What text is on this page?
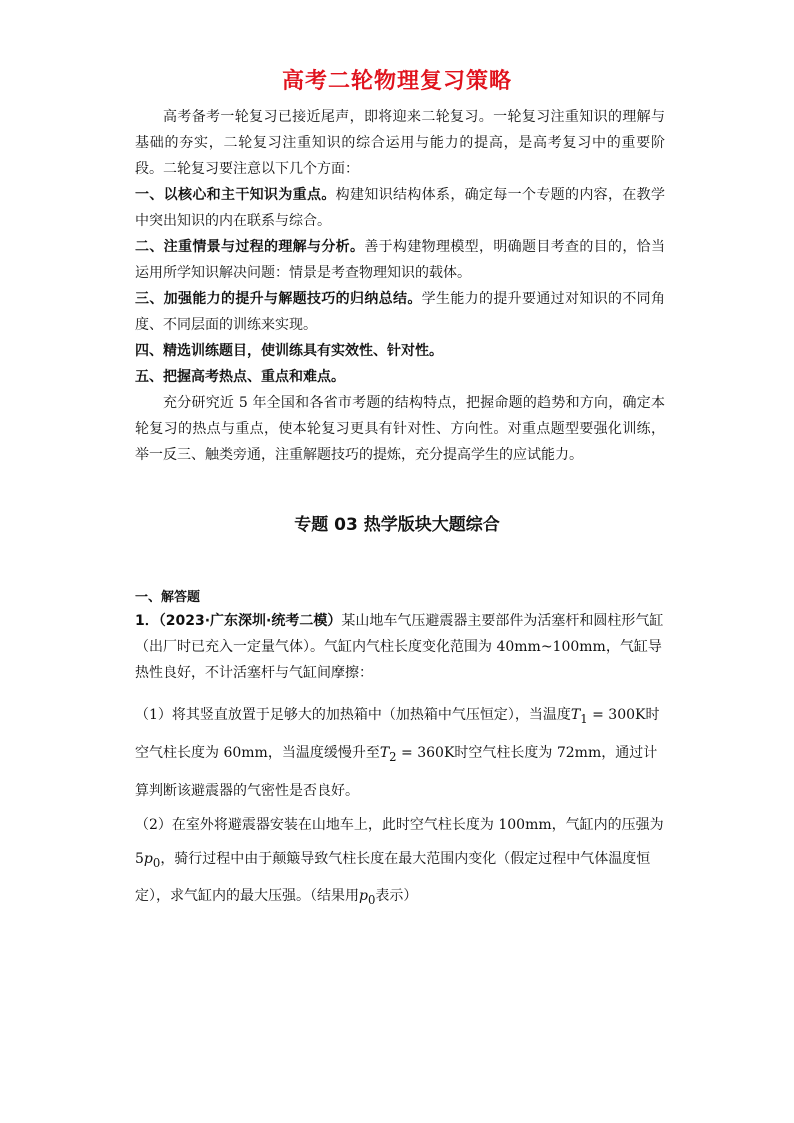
高考二轮物理复习策略

高考备考一轮复习已接近尾声，即将迎来二轮复习。一轮复习注重知识的理解与基础的夯实，二轮复习注重知识的综合运用与能力的提高，是高考复习中的重要阶段。二轮复习要注意以下几个方面：

一、以核心和主干知识为重点。构建知识结构体系，确定每一个专题的内容，在教学中突出知识的内在联系与综合。

二、注重情景与过程的理解与分析。善于构建物理模型，明确题目考查的目的，恰当运用所学知识解决问题：情景是考查物理知识的载体。

三、加强能力的提升与解题技巧的归纳总结。学生能力的提升要通过对知识的不同角度、不同层面的训练来实现。

四、精选训练题目，使训练具有实效性、针对性。

五、把握高考热点、重点和难点。

充分研究近 5 年全国和各省市考题的结构特点，把握命题的趋势和方向，确定本轮复习的热点与重点，使本轮复习更具有针对性、方向性。对重点题型要强化训练，举一反三、触类旁通，注重解题技巧的提炼，充分提高学生的应试能力。

专题 03 热学版块大题综合
一、解答题

1．（2023·广东深圳·统考二模）某山地车气压避震器主要部件为活塞杆和圆柱形气缸（出厂时已充入一定量气体）。气缸内气柱长度变化范围为 40mm~100mm，气缸导热性良好，不计活塞杆与气缸间摩擦：

（1）将其竖直放置于足够大的加热箱中（加热箱中气压恒定），当温度$T_1 = 300K$时空气柱长度为 60mm，当温度缓慢升至$T_2 = 360K$时空气柱长度为 72mm，通过计算判断该避震器的气密性是否良好。

（2）在室外将避震器安装在山地车上，此时空气柱长度为 100mm，气缸内的压强为$5p_0$，骑行过程中由于颠簸导致气柱长度在最大范围内变化（假定过程中气体温度恒定），求气缸内的最大压强。（结果用$p_0$表示）
